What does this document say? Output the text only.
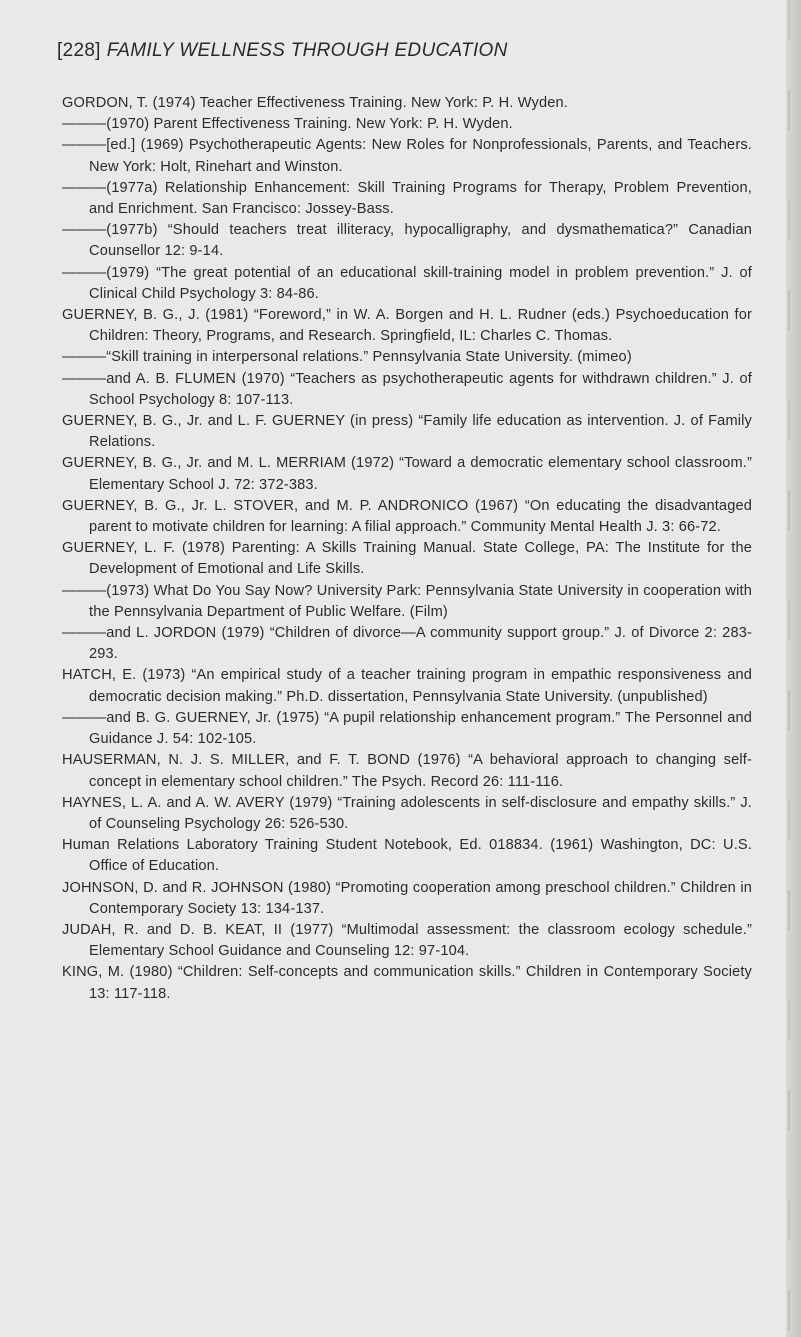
[228] FAMILY WELLNESS THROUGH EDUCATION

GORDON, T. (1974) Teacher Effectiveness Training. New York: P. H. Wyden.

———(1970) Parent Effectiveness Training. New York: P. H. Wyden.

———[ed.] (1969) Psychotherapeutic Agents: New Roles for Nonprofessionals, Parents, and Teachers. New York: Holt, Rinehart and Winston.

———(1977a) Relationship Enhancement: Skill Training Programs for Therapy, Problem Prevention, and Enrichment. San Francisco: Jossey-Bass.

———(1977b) “Should teachers treat illiteracy, hypocalligraphy, and dysmathematica?” Canadian Counsellor 12: 9-14.

———(1979) “The great potential of an educational skill-training model in problem prevention.” J. of Clinical Child Psychology 3: 84-86.

GUERNEY, B. G., J. (1981) “Foreword,” in W. A. Borgen and H. L. Rudner (eds.) Psychoeducation for Children: Theory, Programs, and Research. Springfield, IL: Charles C. Thomas.

———“Skill training in interpersonal relations.” Pennsylvania State University. (mimeo)

———and A. B. FLUMEN (1970) “Teachers as psychotherapeutic agents for withdrawn children.” J. of School Psychology 8: 107-113.

GUERNEY, B. G., Jr. and L. F. GUERNEY (in press) “Family life education as intervention. J. of Family Relations.

GUERNEY, B. G., Jr. and M. L. MERRIAM (1972) “Toward a democratic elementary school classroom.” Elementary School J. 72: 372-383.

GUERNEY, B. G., Jr. L. STOVER, and M. P. ANDRONICO (1967) “On educating the disadvantaged parent to motivate children for learning: A filial approach.” Community Mental Health J. 3: 66-72.

GUERNEY, L. F. (1978) Parenting: A Skills Training Manual. State College, PA: The Institute for the Development of Emotional and Life Skills.

———(1973) What Do You Say Now? University Park: Pennsylvania State University in cooperation with the Pennsylvania Department of Public Welfare. (Film)

———and L. JORDON (1979) “Children of divorce—A community support group.” J. of Divorce 2: 283-293.

HATCH, E. (1973) “An empirical study of a teacher training program in empathic responsiveness and democratic decision making.” Ph.D. dissertation, Pennsylvania State University. (unpublished)

———and B. G. GUERNEY, Jr. (1975) “A pupil relationship enhancement program.” The Personnel and Guidance J. 54: 102-105.

HAUSERMAN, N. J. S. MILLER, and F. T. BOND (1976) “A behavioral approach to changing self-concept in elementary school children.” The Psych. Record 26: 111-116.

HAYNES, L. A. and A. W. AVERY (1979) “Training adolescents in self-disclosure and empathy skills.” J. of Counseling Psychology 26: 526-530.

Human Relations Laboratory Training Student Notebook, Ed. 018834. (1961) Washington, DC: U.S. Office of Education.

JOHNSON, D. and R. JOHNSON (1980) “Promoting cooperation among preschool children.” Children in Contemporary Society 13: 134-137.

JUDAH, R. and D. B. KEAT, II (1977) “Multimodal assessment: the classroom ecology schedule.” Elementary School Guidance and Counseling 12: 97-104.

KING, M. (1980) “Children: Self-concepts and communication skills.” Children in Contemporary Society 13: 117-118.
